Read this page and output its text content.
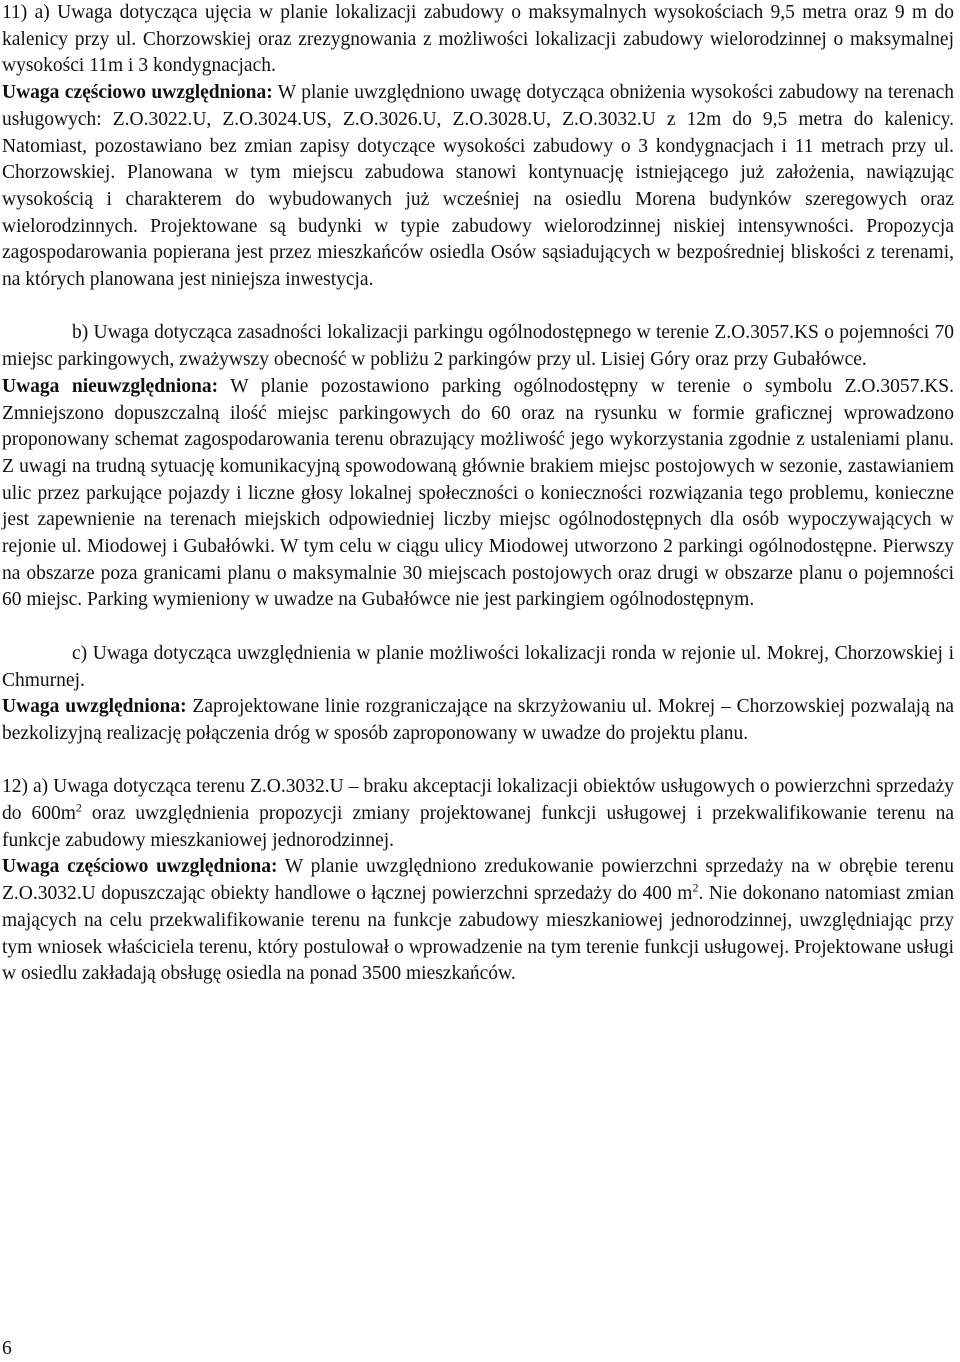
11) a) Uwaga dotycząca ujęcia w planie lokalizacji zabudowy o maksymalnych wysokościach 9,5 metra oraz 9 m do kalenicy przy ul. Chorzowskiej oraz zrezygnowania z możliwości lokalizacji zabudowy wielorodzinnej o maksymalnej wysokości 11m i 3 kondygnacjach.

Uwaga częściowo uwzględniona: W planie uwzględniono uwagę dotycząca obniżenia wysokości zabudowy na terenach usługowych: Z.O.3022.U, Z.O.3024.US, Z.O.3026.U, Z.O.3028.U, Z.O.3032.U z 12m do 9,5 metra do kalenicy. Natomiast, pozostawiano bez zmian zapisy dotyczące wysokości zabudowy o 3 kondygnacjach i 11 metrach przy ul. Chorzowskiej. Planowana w tym miejscu zabudowa stanowi kontynuację istniejącego już założenia, nawiązując wysokością i charakterem do wybudowanych już wcześniej na osiedlu Morena budynków szeregowych oraz wielorodzinnych. Projektowane są budynki w typie zabudowy wielorodzinnej niskiej intensywności. Propozycja zagospodarowania popierana jest przez mieszkańców osiedla Osów sąsiadujących w bezpośredniej bliskości z terenami, na których planowana jest niniejsza inwestycja.

b) Uwaga dotycząca zasadności lokalizacji parkingu ogólnodostępnego w terenie Z.O.3057.KS o pojemności 70 miejsc parkingowych, zważywszy obecność w pobliżu 2 parkingów przy ul. Lisiej Góry oraz przy Gubałówce.

Uwaga nieuwzględniona: W planie pozostawiono parking ogólnodostępny w terenie o symbolu Z.O.3057.KS. Zmniejszono dopuszczalną ilość miejsc parkingowych do 60 oraz na rysunku w formie graficznej wprowadzono proponowany schemat zagospodarowania terenu obrazujący możliwość jego wykorzystania zgodnie z ustaleniami planu. Z uwagi na trudną sytuację komunikacyjną spowodowaną głównie brakiem miejsc postojowych w sezonie, zastawianiem ulic przez parkujące pojazdy i liczne głosy lokalnej społeczności o konieczności rozwiązania tego problemu, konieczne jest zapewnienie na terenach miejskich odpowiedniej liczby miejsc ogólnodostępnych dla osób wypoczywających w rejonie ul. Miodowej i Gubałówki. W tym celu w ciągu ulicy Miodowej utworzono 2 parkingi ogólnodostępne. Pierwszy na obszarze poza granicami planu o maksymalnie 30 miejscach postojowych oraz drugi w obszarze planu o pojemności 60 miejsc. Parking wymieniony w uwadze na Gubałówce nie jest parkingiem ogólnodostępnym.

c) Uwaga dotycząca uwzględnienia w planie możliwości lokalizacji ronda w rejonie ul. Mokrej, Chorzowskiej i Chmurnej.

Uwaga uwzględniona: Zaprojektowane linie rozgraniczające na skrzyżowaniu ul. Mokrej – Chorzowskiej pozwalają na bezkolizyjną realizację połączenia dróg w sposób zaproponowany w uwadze do projektu planu.

12) a) Uwaga dotycząca terenu Z.O.3032.U – braku akceptacji lokalizacji obiektów usługowych o powierzchni sprzedaży do $600m^2$ oraz uwzględnienia propozycji zmiany projektowanej funkcji usługowej i przekwalifikowanie terenu na funkcje zabudowy mieszkaniowej jednorodzinnej.

Uwaga częściowo uwzględniona: W planie uwzględniono zredukowanie powierzchni sprzedaży na w obrębie terenu Z.O.3032.U dopuszczając obiekty handlowe o łącznej powierzchni sprzedaży do 400 $m^2$. Nie dokonano natomiast zmian mających na celu przekwalifikowanie terenu na funkcje zabudowy mieszkaniowej jednorodzinnej, uwzględniając przy tym wniosek właściciela terenu, który postulował o wprowadzenie na tym terenie funkcji usługowej. Projektowane usługi w osiedlu zakładają obsługę osiedla na ponad 3500 mieszkańców.

6
